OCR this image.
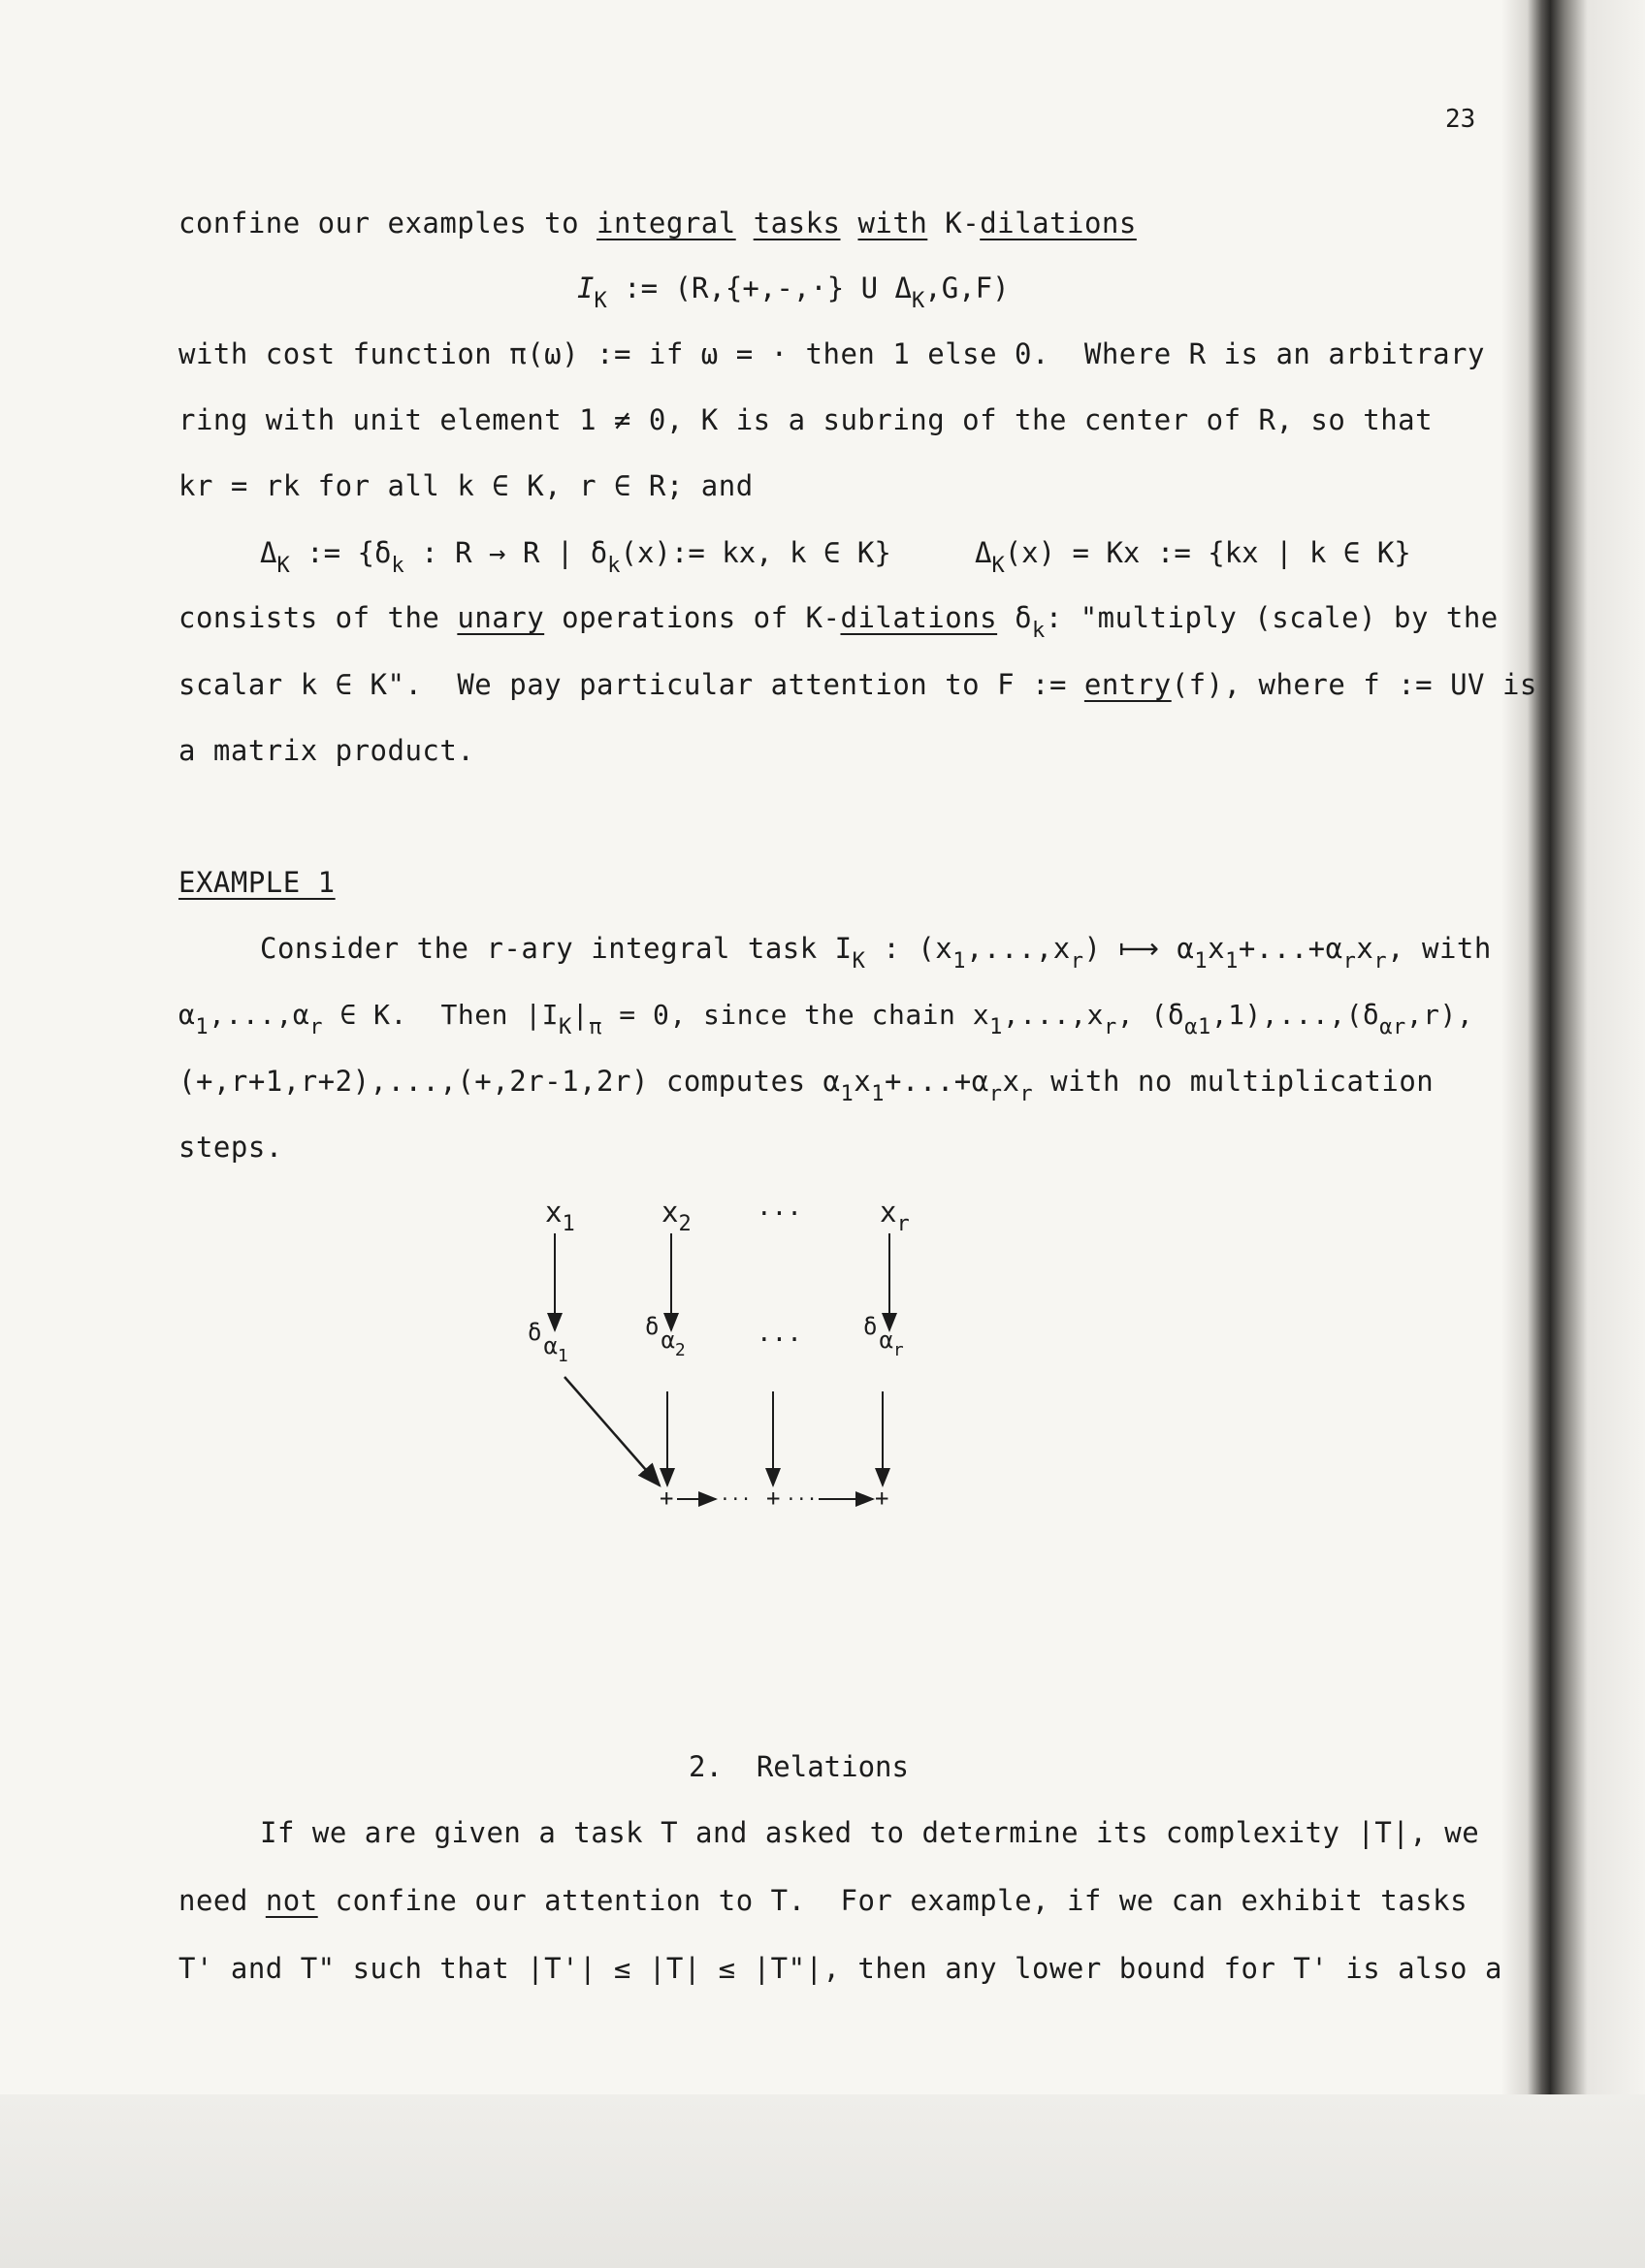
23
confine our examples to integral tasks with K-dilations
$I_K$ := (R,{+,-,·} U $\Delta_K,G,F$)
with cost function π(ω) := if ω = · then 1 else 0.  Where R is an arbitrary
ring with unit element 1 ≠ 0, K is a subring of the center of R, so that
kr = rk for all k ∈ K, r ∈ R; and
$\Delta_K$ := {$\delta_k$ : R → R | $\delta_k(x):=$ kx, k ∈ K}	$\Delta_K(x) = Kx$ := {kx | k ∈ K}
consists of the unary operations of K-dilations $\delta_k$: "multiply (scale) by the
scalar k ∈ K".  We pay particular attention to F := entry(f), where f := UV is
a matrix product.
EXAMPLE 1
Consider the r-ary integral task $I_K$ : $(x_1,...,x_r)$ ⟼ $\alpha_1x_1+...+\alpha_rx_r$, with
$\alpha_1,...,\alpha_r$ ∈ K.  Then $|I_K|_\pi = 0$, since the chain $x_1,...,x_r$, $(\delta_{\alpha 1},1),...,(\delta_{\alpha r},r)$,
(+,r+1,r+2),...,(+,2r-1,2r) computes $\alpha_1x_1+...+\alpha_rx_r$ with no multiplication
steps.
$x_1$	$x_2$	···	$x_r$
$\delta\alpha_1$
$\delta\alpha_2$	···	$\delta\alpha_r$
+	··· + ··· +
2.  Relations
If we are given a task T and asked to determine its complexity |T|, we
need not confine our attention to T.  For example, if we can exhibit tasks
T' and T" such that |T'| ≤ |T| ≤ |T"|, then any lower bound for T' is also a
